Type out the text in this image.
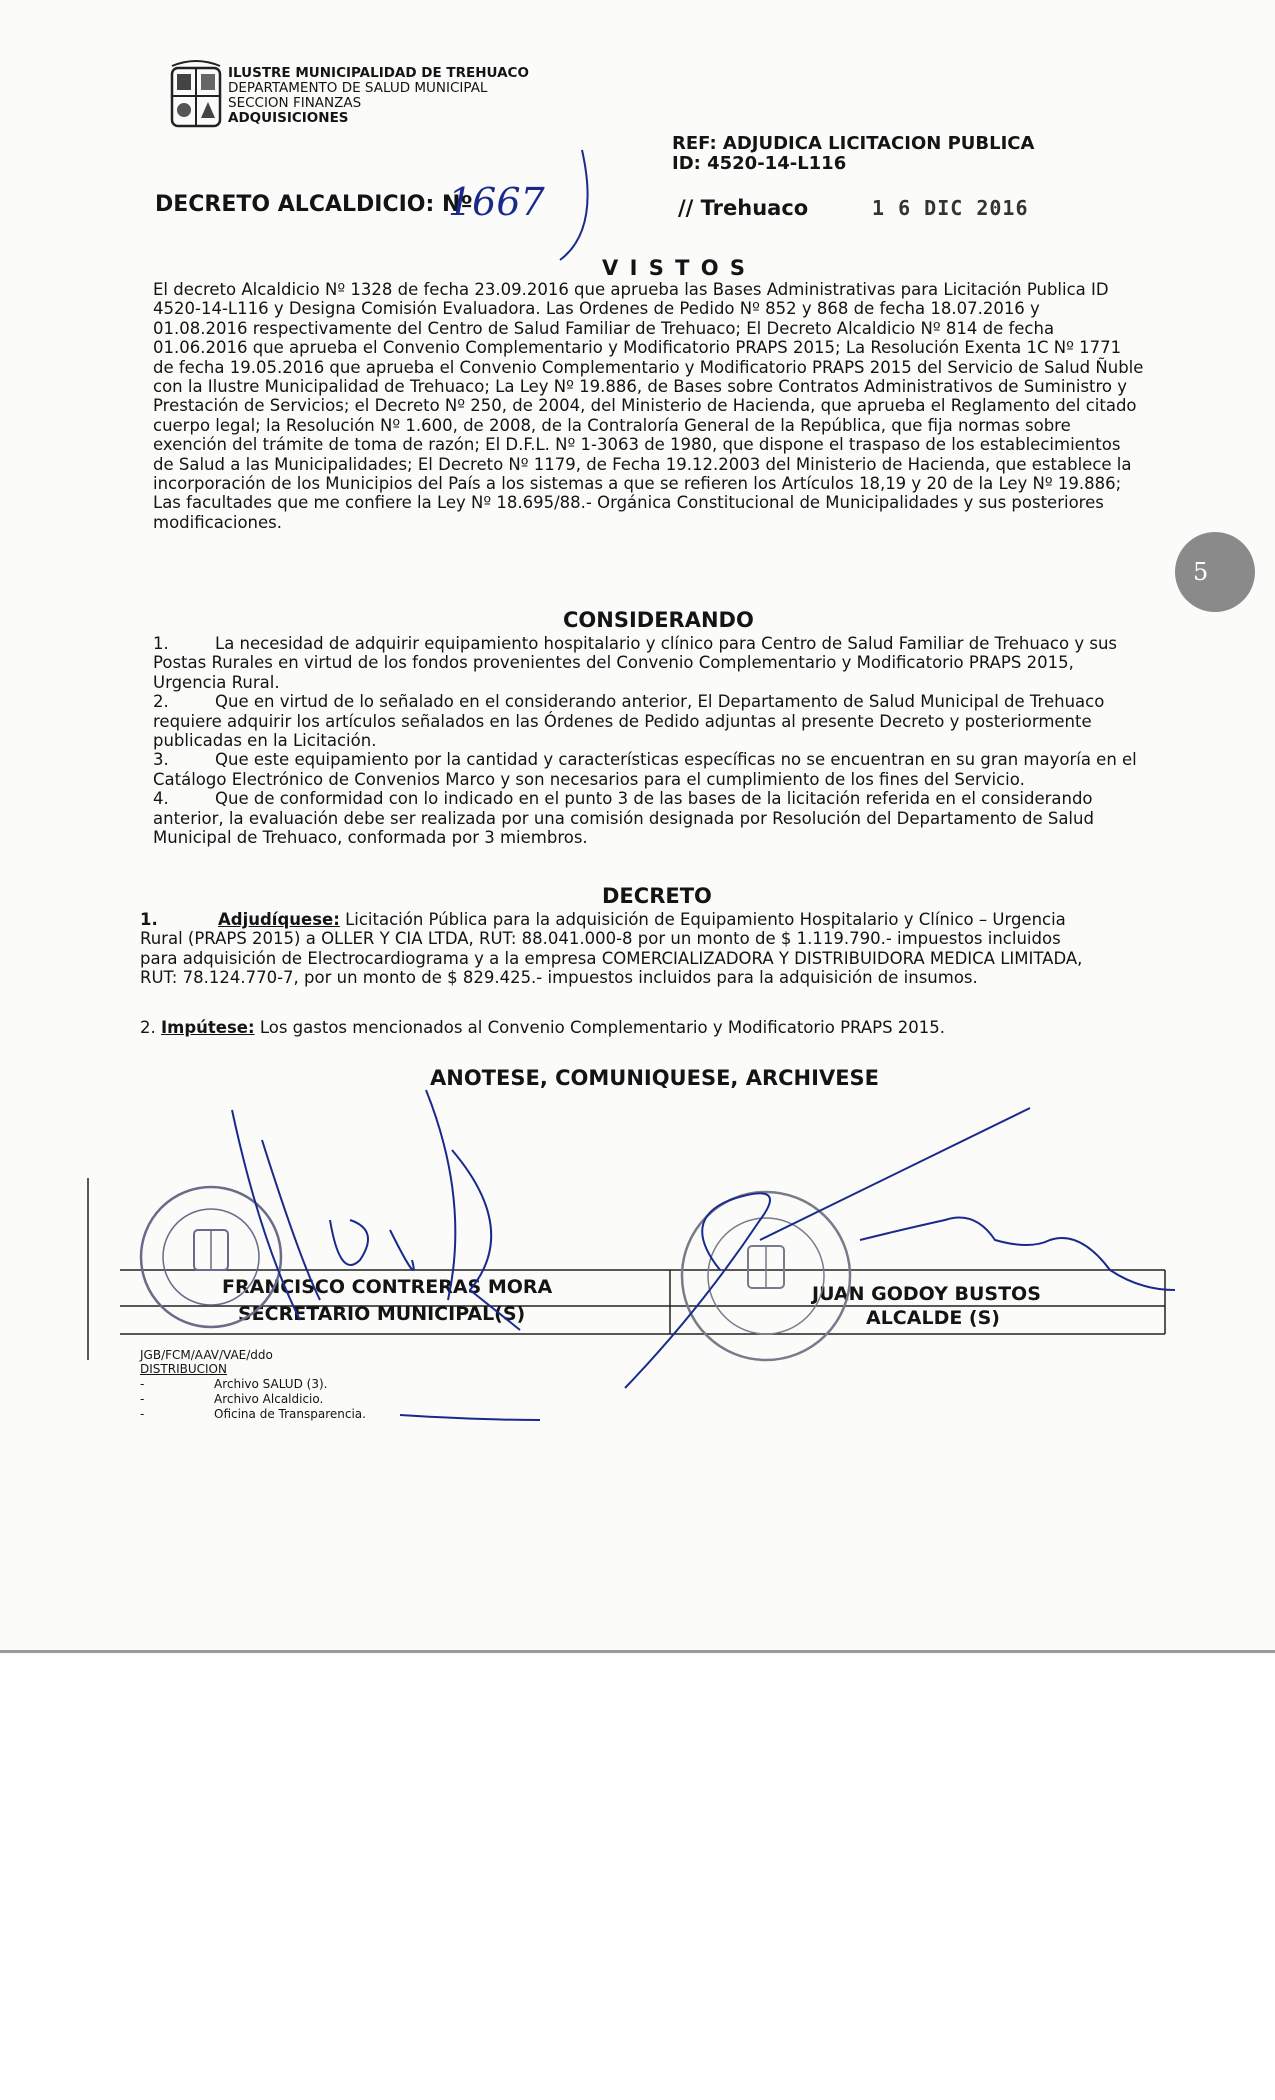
ILUSTRE MUNICIPALIDAD DE TREHUACO
DEPARTAMENTO DE SALUD MUNICIPAL
SECCION FINANZAS
ADQUISICIONES
REF: ADJUDICA LICITACION PUBLICA
ID: 4520-14-L116
DECRETO ALCALDICIO: Nº
1667	// Trehuaco	1 6 DIC 2016
V I S T O S

El decreto Alcaldicio Nº 1328 de fecha 23.09.2016 que aprueba las Bases Administrativas para Licitación Publica ID

4520-14-L116 y Designa Comisión Evaluadora. Las Ordenes de Pedido Nº 852 y 868 de fecha 18.07.2016 y

01.08.2016 respectivamente del Centro de Salud Familiar de Trehuaco; El Decreto Alcaldicio Nº 814 de fecha

01.06.2016 que aprueba el Convenio Complementario y Modificatorio PRAPS 2015; La Resolución Exenta 1C Nº 1771

de fecha 19.05.2016 que aprueba el Convenio Complementario y Modificatorio PRAPS 2015 del Servicio de Salud Ñuble

con la Ilustre Municipalidad de Trehuaco; La Ley Nº 19.886, de Bases sobre Contratos Administrativos de Suministro y

Prestación de Servicios; el Decreto Nº 250, de 2004, del Ministerio de Hacienda, que aprueba el Reglamento del citado

cuerpo legal; la Resolución Nº 1.600, de 2008, de la Contraloría General de la República, que fija normas sobre

exención del trámite de toma de razón; El D.F.L. Nº 1-3063 de 1980, que dispone el traspaso de los establecimientos

de Salud a las Municipalidades; El Decreto Nº 1179, de Fecha 19.12.2003 del Ministerio de Hacienda, que establece la

incorporación de los Municipios del País a los sistemas a que se refieren los Artículos 18,19 y 20 de la Ley Nº 19.886;

Las facultades que me confiere la Ley Nº 18.695/88.- Orgánica Constitucional de Municipalidades y sus posteriores

modificaciones.

5
CONSIDERANDO

1.	La necesidad de adquirir equipamiento hospitalario y clínico para Centro de Salud Familiar de Trehuaco y sus

Postas Rurales en virtud de los fondos provenientes del Convenio Complementario y Modificatorio PRAPS 2015,

Urgencia Rural.

2.	Que en virtud de lo señalado en el considerando anterior, El Departamento de Salud Municipal de Trehuaco

requiere adquirir los artículos señalados en las Órdenes de Pedido adjuntas al presente Decreto y posteriormente

publicadas en la Licitación.

3.	Que este equipamiento por la cantidad y características específicas no se encuentran en su gran mayoría en el

Catálogo Electrónico de Convenios Marco y son necesarios para el cumplimiento de los fines del Servicio.

4.	Que de conformidad con lo indicado en el punto 3 de las bases de la licitación referida en el considerando

anterior, la evaluación debe ser realizada por una comisión designada por Resolución del Departamento de Salud

Municipal de Trehuaco, conformada por 3 miembros.

DECRETO

1.	Adjudíquese: Licitación Pública para la adquisición de Equipamiento Hospitalario y Clínico – Urgencia

Rural (PRAPS 2015) a OLLER Y CIA LTDA, RUT: 88.041.000-8 por un monto de $ 1.119.790.- impuestos incluidos

para adquisición de Electrocardiograma y a la empresa COMERCIALIZADORA Y DISTRIBUIDORA MEDICA LIMITADA,

RUT: 78.124.770-7, por un monto de $ 829.425.- impuestos incluidos para la adquisición de insumos.

2. Impútese: Los gastos mencionados al Convenio Complementario y Modificatorio PRAPS 2015.

ANOTESE, COMUNIQUESE, ARCHIVESE
FRANCISCO CONTRERAS MORA
SECRETARIO MUNICIPAL(S)
JUAN GODOY BUSTOS
ALCALDE (S)
JGB/FCM/AAV/VAE/ddo
DISTRIBUCION
-	Archivo SALUD (3).
-	Archivo Alcaldicio.
-	Oficina de Transparencia.
